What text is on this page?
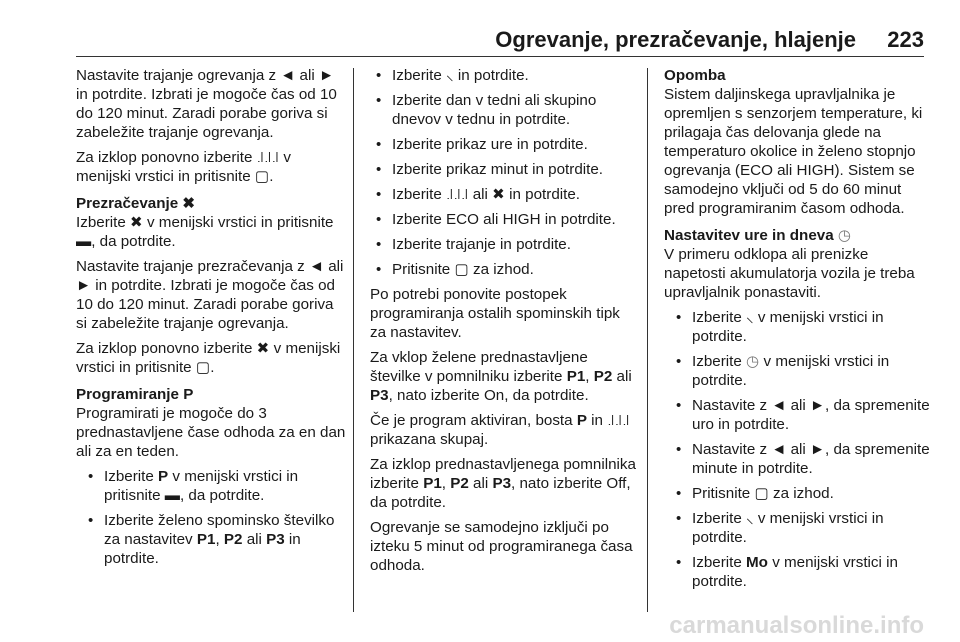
Ogrevanje, prezračevanje, hlajenje 223

Nastavite trajanje ogrevanja z ◄ ali ► in potrdite. Izbrati je mogoče čas od 10 do 120 minut. Zaradi porabe goriva si zabeležite trajanje ogrevanja.

Za izklop ponovno izberite ꜌꜌꜌ v menijski vrstici in pritisnite ▢.

Prezračevanje ✖

Izberite ✖ v menijski vrstici in pritisnite ▬, da potrdite.

Nastavite trajanje prezračevanja z ◄ ali ► in potrdite. Izbrati je mogoče čas od 10 do 120 minut. Zaradi porabe goriva si zabeležite trajanje ogrevanja.

Za izklop ponovno izberite ✖ v menijski vrstici in pritisnite ▢.

Programiranje P

Programirati je mogoče do 3 prednastavljene čase odhoda za en dan ali za en teden.

• Izberite P v menijski vrstici in pritisnite ▬, da potrdite.
• Izberite želeno spominsko številko za nastavitev P1, P2 ali P3 in potrdite.
• Izberite ⸜ in potrdite.
• Izberite dan v tedni ali skupino dnevov v tednu in potrdite.
• Izberite prikaz ure in potrdite.
• Izberite prikaz minut in potrdite.
• Izberite ꜌꜌꜌ ali ✖ in potrdite.
• Izberite ECO ali HIGH in potrdite.
• Izberite trajanje in potrdite.
• Pritisnite ▢ za izhod.

Po potrebi ponovite postopek programiranja ostalih spominskih tipk za nastavitev.

Za vklop želene prednastavljene številke v pomnilniku izberite P1, P2 ali P3, nato izberite On, da potrdite.

Če je program aktiviran, bosta P in ꜌꜌꜌ prikazana skupaj.

Za izklop prednastavljenega pomnilnika izberite P1, P2 ali P3, nato izberite Off, da potrdite.

Ogrevanje se samodejno izključi po izteku 5 minut od programiranega časa odhoda.

Opomba
Sistem daljinskega upravljalnika je opremljen s senzorjem temperature, ki prilagaja čas delovanja glede na temperaturo okolice in želeno stopnjo ogrevanja (ECO ali HIGH). Sistem se samodejno vključi od 5 do 60 minut pred programiranim časom odhoda.

Nastavitev ure in dneva ◷

V primeru odklopa ali prenizke napetosti akumulatorja vozila je treba upravljalnik ponastaviti.

• Izberite ⸜ v menijski vrstici in potrdite.
• Izberite ◷ v menijski vrstici in potrdite.
• Nastavite z ◄ ali ►, da spremenite uro in potrdite.
• Nastavite z ◄ ali ►, da spremenite minute in potrdite.
• Pritisnite ▢ za izhod.
• Izberite ⸜ v menijski vrstici in potrdite.
• Izberite Mo v menijski vrstici in potrdite.
carmanualsonline.info
